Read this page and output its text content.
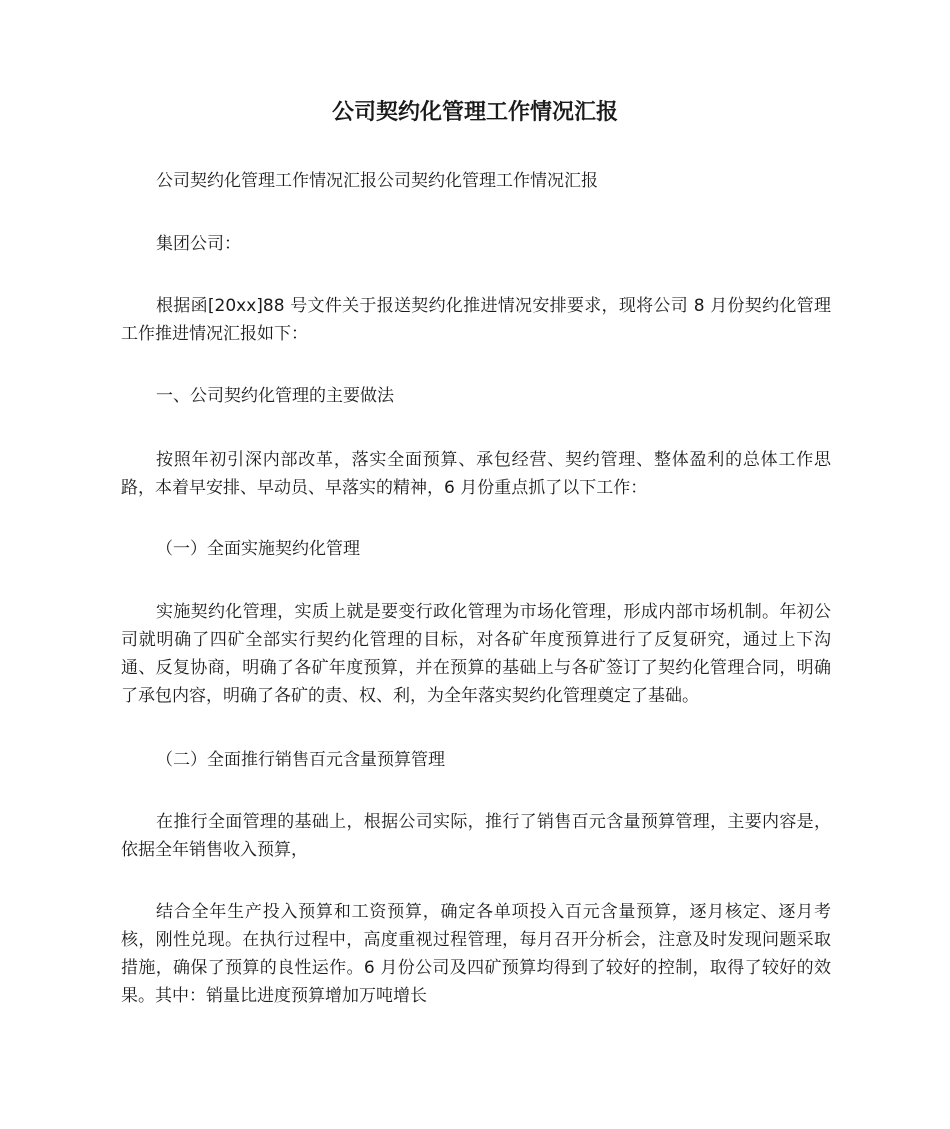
公司契约化管理工作情况汇报

公司契约化管理工作情况汇报公司契约化管理工作情况汇报

集团公司：

根据函[20xx]88 号文件关于报送契约化推进情况安排要求，现将公司 8 月份契约化管理工作推进情况汇报如下：

一、公司契约化管理的主要做法

按照年初引深内部改革，落实全面预算、承包经营、契约管理、整体盈利的总体工作思路，本着早安排、早动员、早落实的精神，6 月份重点抓了以下工作：

（一）全面实施契约化管理

实施契约化管理，实质上就是要变行政化管理为市场化管理，形成内部市场机制。年初公司就明确了四矿全部实行契约化管理的目标，对各矿年度预算进行了反复研究，通过上下沟通、反复协商，明确了各矿年度预算，并在预算的基础上与各矿签订了契约化管理合同，明确了承包内容，明确了各矿的责、权、利，为全年落实契约化管理奠定了基础。

（二）全面推行销售百元含量预算管理

在推行全面管理的基础上，根据公司实际，推行了销售百元含量预算管理，主要内容是，依据全年销售收入预算，

结合全年生产投入预算和工资预算，确定各单项投入百元含量预算，逐月核定、逐月考核，刚性兑现。在执行过程中，高度重视过程管理，每月召开分析会，注意及时发现问题采取措施，确保了预算的良性运作。6 月份公司及四矿预算均得到了较好的控制，取得了较好的效果。其中：销量比进度预算增加万吨增长
